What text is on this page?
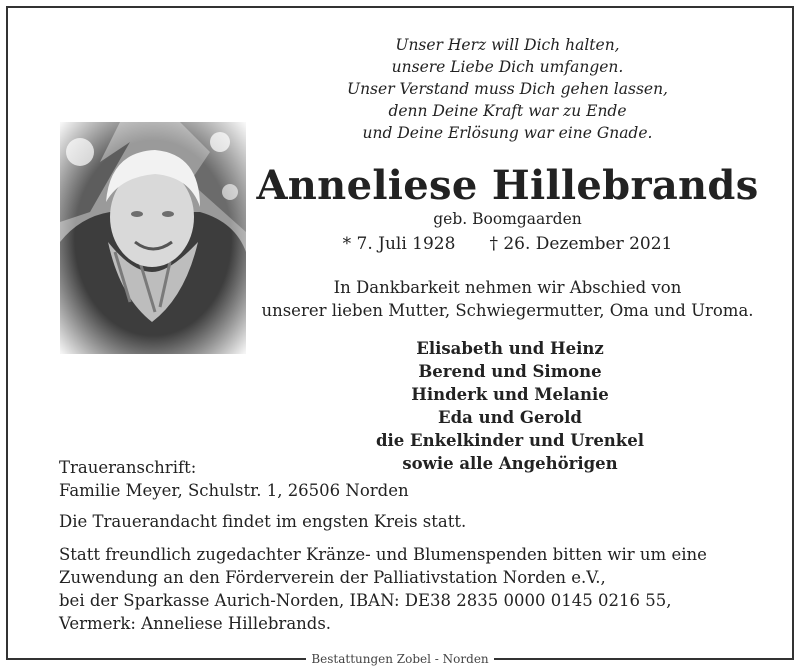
Unser Herz will Dich halten,
unsere Liebe Dich umfangen.
Unser Verstand muss Dich gehen lassen,
denn Deine Kraft war zu Ende
und Deine Erlösung war eine Gnade.
Anneliese Hillebrands
geb. Boomgaarden
* 7. Juli 1928 † 26. Dezember 2021
In Dankbarkeit nehmen wir Abschied von
unserer lieben Mutter, Schwiegermutter, Oma und Uroma.
Elisabeth und Heinz
Berend und Simone
Hinderk und Melanie
Eda und Gerold
die Enkelkinder und Urenkel
sowie alle Angehörigen
Traueranschrift:
Familie Meyer, Schulstr. 1, 26506 Norden
Die Trauerandacht findet im engsten Kreis statt.
Statt freundlich zugedachter Kränze- und Blumenspenden bitten wir um eine
Zuwendung an den Förderverein der Palliativstation Norden e.V.,
bei der Sparkasse Aurich-Norden, IBAN: DE38 2835 0000 0145 0216 55,
Vermerk: Anneliese Hillebrands.
Bestattungen Zobel - Norden
